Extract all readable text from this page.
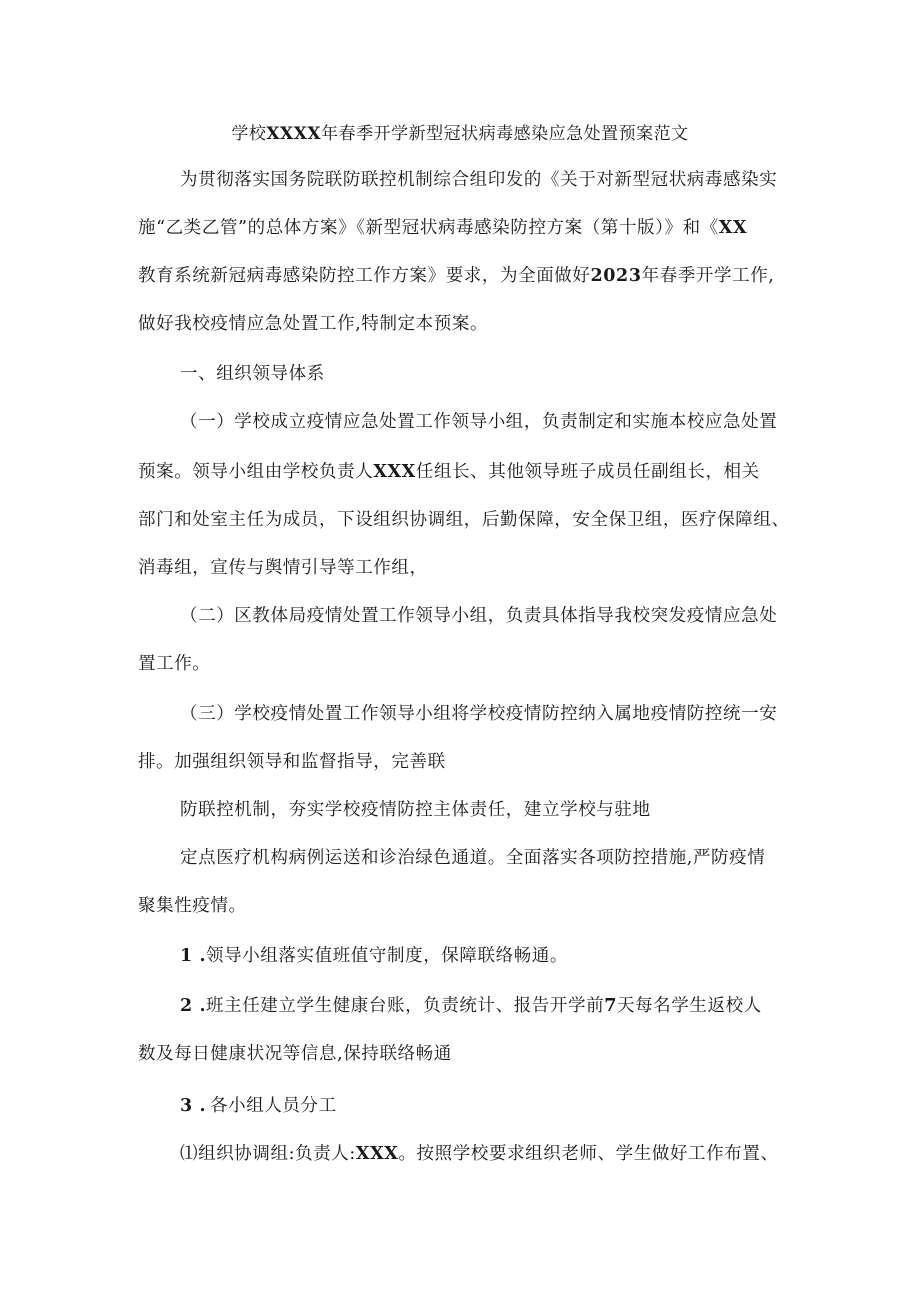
学校XXXX年春季开学新型冠状病毒感染应急处置预案范文

为贯彻落实国务院联防联控机制综合组印发的《关于对新型冠状病毒感染实

施“乙类乙管”的总体方案》《新型冠状病毒感染防控方案（第十版）》和《XX

教育系统新冠病毒感染防控工作方案》要求，为全面做好2023年春季开学工作,

做好我校疫情应急处置工作,特制定本预案。

一、组织领导体系

（一）学校成立疫情应急处置工作领导小组，负责制定和实施本校应急处置

预案。领导小组由学校负责人XXX任组长、其他领导班子成员任副组长，相关

部门和处室主任为成员，下设组织协调组，后勤保障，安全保卫组，医疗保障组、

消毒组，宣传与舆情引导等工作组，

（二）区教体局疫情处置工作领导小组，负责具体指导我校突发疫情应急处

置工作。

（三）学校疫情处置工作领导小组将学校疫情防控纳入属地疫情防控统一安

排。加强组织领导和监督指导，完善联

防联控机制，夯实学校疫情防控主体责任，建立学校与驻地

定点医疗机构病例运送和诊治绿色通道。全面落实各项防控措施,严防疫情

聚集性疫情。

1 .领导小组落实值班值守制度，保障联络畅通。

2 .班主任建立学生健康台账，负责统计、报告开学前7天每名学生返校人

数及每日健康状况等信息,保持联络畅通

3 . 各小组人员分工

⑴组织协调组:负责人:XXX。按照学校要求组织老师、学生做好工作布置、
